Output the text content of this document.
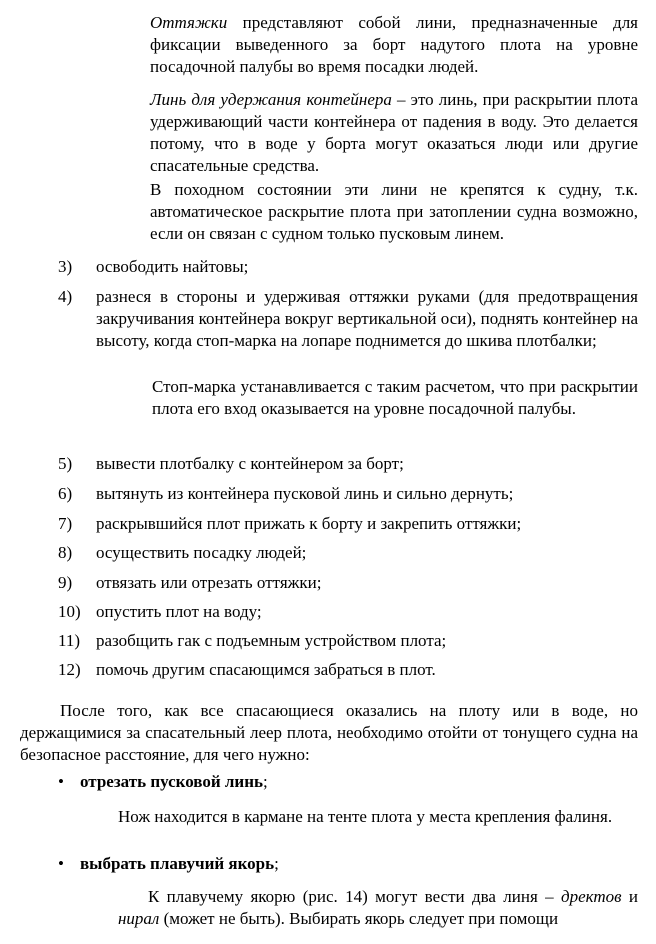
Оттяжки представляют собой лини, предназначенные для фиксации выведенного за борт надутого плота на уровне посадочной палубы во время посадки людей.

Линь для удержания контейнера – это линь, при раскрытии плота удерживающий части контейнера от падения в воду. Это делается потому, что в воде у борта могут оказаться люди или другие спасательные средства.

В походном состоянии эти лини не крепятся к судну, т.к. автоматическое раскрытие плота при затоплении судна возможно, если он связан с судном только пусковым линем.

3) освободить найтовы;
4) разнеся в стороны и удерживая оттяжки руками (для предотвращения закручивания контейнера вокруг вертикальной оси), поднять контейнер на высоту, когда стоп-марка на лопаре поднимется до шкива плотбалки;

Стоп-марка устанавливается с таким расчетом, что при раскрытии плота его вход оказывается на уровне посадочной палубы.

5) вывести плотбалку с контейнером за борт;
6) вытянуть из контейнера пусковой линь и сильно дернуть;
7) раскрывшийся плот прижать к борту и закрепить оттяжки;
8) осуществить посадку людей;
9) отвязать или отрезать оттяжки;
10) опустить плот на воду;
11) разобщить гак с подъемным устройством плота;
12) помочь другим спасающимся забраться в плот.

После того, как все спасающиеся оказались на плоту или в воде, но держащимися за спасательный леер плота, необходимо отойти от тонущего судна на безопасное расстояние, для чего нужно:

• отрезать пусковой линь;

Нож находится в кармане на тенте плота у места крепления фалиня.

• выбрать плавучий якорь;

К плавучему якорю (рис. 14) могут вести два линя – дректов и нирал (может не быть). Выбирать якорь следует при помощи
